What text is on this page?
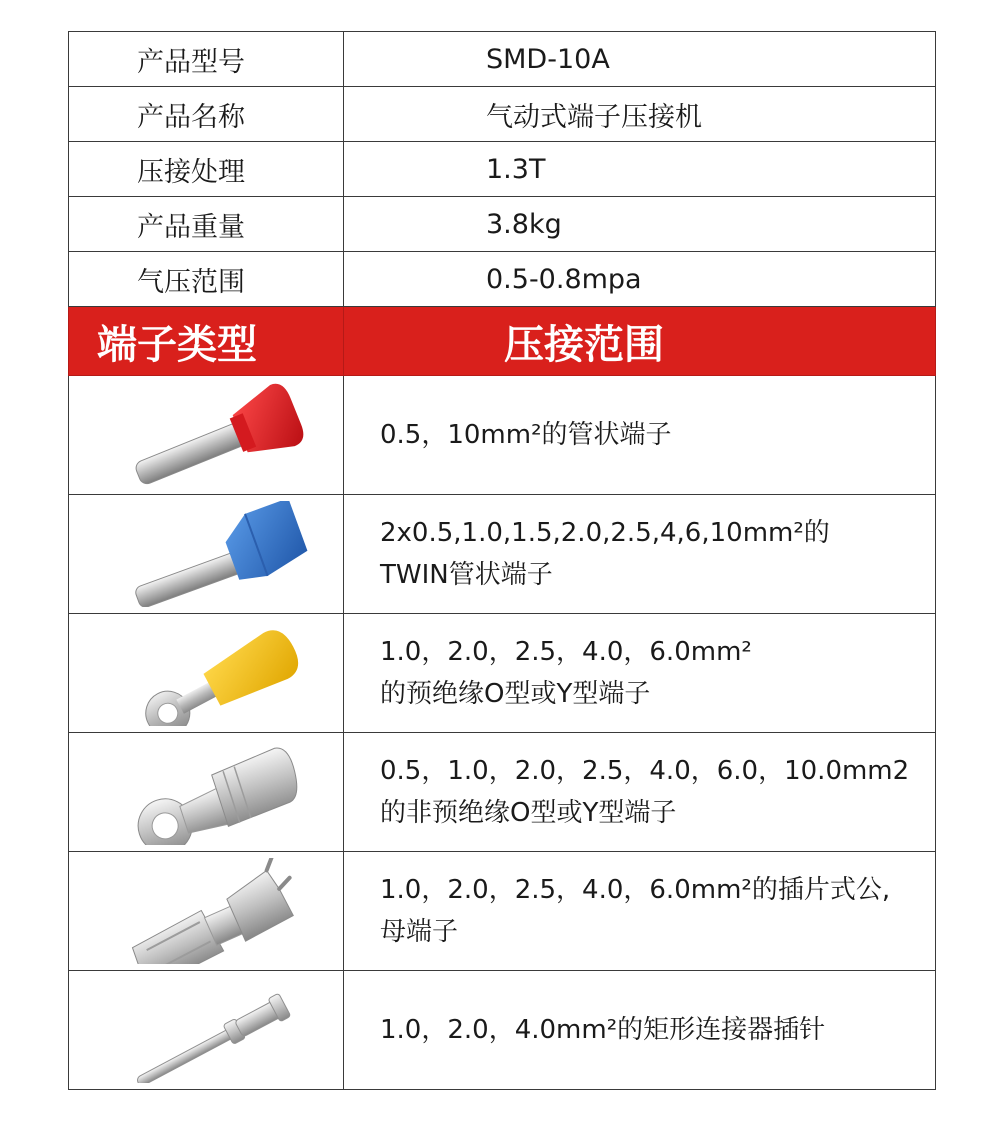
产品型号	SMD-10A
产品名称	气动式端子压接机
压接处理	1.3T
产品重量	3.8kg
气压范围	0.5-0.8mpa
端子类型	压接范围

0.5，10mm²的管状端子

2x0.5,1.0,1.5,2.0,2.5,4,6,10mm²的
TWIN管状端子

1.0，2.0，2.5，4.0，6.0mm²
的预绝缘O型或Y型端子

0.5，1.0，2.0，2.5，4.0，6.0，10.0mm2
的非预绝缘O型或Y型端子

1.0，2.0，2.5，4.0，6.0mm²的插片式公,
母端子

1.0，2.0，4.0mm²的矩形连接器插针
